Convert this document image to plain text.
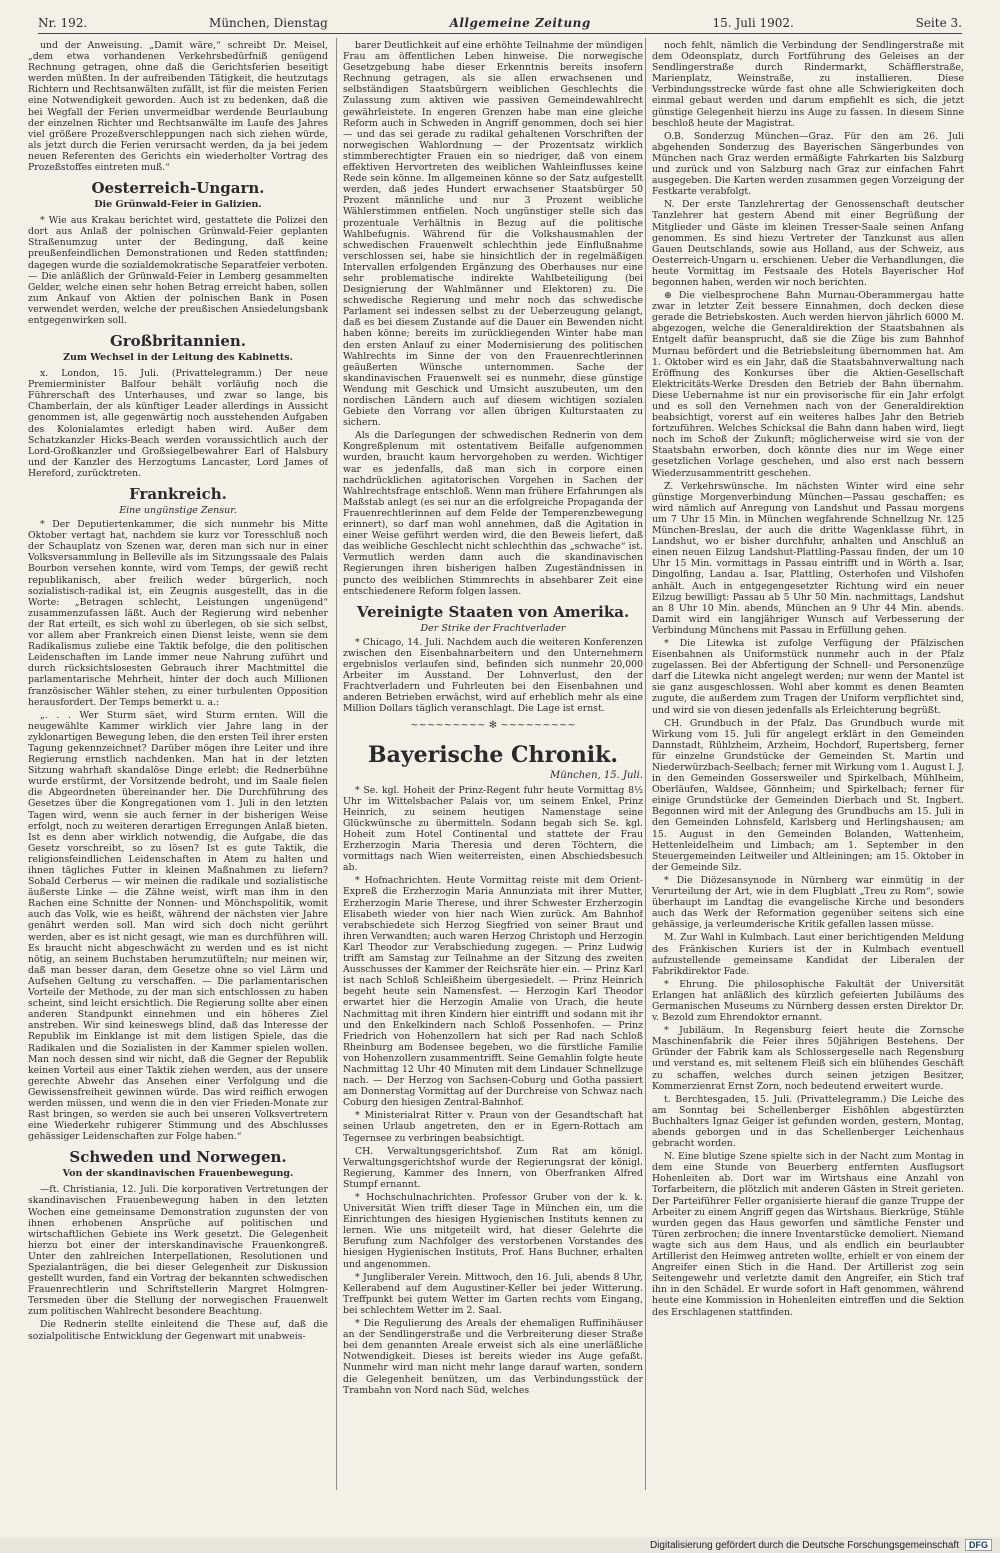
Nr. 192.	München, Dienstag	Allgemeine Zeitung	15. Juli 1902.	Seite 3.

und der Anweisung. „Damit wäre,“ schreibt Dr. Meisel, „dem etwa vorhandenen Verkehrsbedürfniß genügend Rechnung getragen, ohne daß die Gerichtsferien beseitigt werden müßten. In der aufreibenden Tätigkeit, die heutzutags Richtern und Rechtsanwälten zufällt, ist für die meisten Ferien eine Notwendigkeit geworden. Auch ist zu bedenken, daß die bei Wegfall der Ferien unvermeidbar werdende Beurlaubung der einzelnen Richter und Rechtsanwälte im Laufe des Jahres viel größere Prozeßverschleppungen nach sich ziehen würde, als jetzt durch die Ferien verursacht werden, da ja bei jedem neuen Referenten des Gerichts ein wiederholter Vortrag des Prozeßstoffes eintreten muß.“

Oesterreich-Ungarn.
Die Grünwald-Feier in Galizien.

* Wie aus Krakau berichtet wird, gestattete die Polizei den dort aus Anlaß der polnischen Grünwald-Feier geplanten Straßenumzug unter der Bedingung, daß keine preußenfeindlichen Demonstrationen und Reden stattfinden; dagegen wurde die sozialdemokratische Separatfeier verboten. — Die anläßlich der Grünwald-Feier in Lemberg gesammelten Gelder, welche einen sehr hohen Betrag erreicht haben, sollen zum Ankauf von Aktien der polnischen Bank in Posen verwendet werden, welche der preußischen Ansiedelungsbank entgegenwirken soll.

Großbritannien.
Zum Wechsel in der Leitung des Kabinetts.

x. London, 15. Juli. (Privattelegramm.) Der neue Premierminister Balfour behält vorläufig noch die Führerschaft des Unterhauses, und zwar so lange, bis Chamberlain, der als künftiger Leader allerdings in Aussicht genommen ist, alle gegenwärtig noch ausstehenden Aufgaben des Kolonialamtes erledigt haben wird. Außer dem Schatzkanzler Hicks-Beach werden voraussichtlich auch der Lord-Großkanzler und Großsiegelbewahrer Earl of Halsbury und der Kanzler des Herzogtums Lancaster, Lord James of Hereford, zurücktreten.

Frankreich.
Eine ungünstige Zensur.

* Der Deputiertenkammer, die sich nunmehr bis Mitte Oktober vertagt hat, nachdem sie kurz vor Toresschluß noch der Schauplatz von Szenen war, deren man sich nur in einer Volksversammlung in Belleville als im Sitzungssaale des Palais Bourbon versehen konnte, wird vom Temps, der gewiß recht republikanisch, aber freilich weder bürgerlich, noch sozialistisch-radikal ist, ein Zeugnis ausgestellt, das in die Worte: „Betragen schlecht, Leistungen ungenügend“ zusammenzufassen läßt. Auch der Regierung wird nebenher der Rat erteilt, es sich wohl zu überlegen, ob sie sich selbst, vor allem aber Frankreich einen Dienst leiste, wenn sie dem Radikalismus zuliebe eine Taktik befolge, die den politischen Leidenschaften im Lande immer neue Nahrung zuführt und durch rücksichtslosesten Gebrauch ihrer Machtmittel die parlamentarische Mehrheit, hinter der doch auch Millionen französischer Wähler stehen, zu einer turbulenten Opposition herausfordert. Der Temps bemerkt u. a.:

„. . . Wer Sturm säet, wird Sturm ernten. Will die neugewählte Kammer wirklich vier Jahre lang in der zyklonartigen Bewegung leben, die den ersten Teil ihrer ersten Tagung gekennzeichnet? Darüber mögen ihre Leiter und ihre Regierung ernstlich nachdenken. Man hat in der letzten Sitzung wahrhaft skandalöse Dinge erlebt: die Rednerbühne wurde erstürmt, der Vorsitzende bedroht, und im Saale fielen die Abgeordneten übereinander her. Die Durchführung des Gesetzes über die Kongregationen vom 1. Juli in den letzten Tagen wird, wenn sie auch ferner in der bisherigen Weise erfolgt, noch zu weiteren derartigen Erregungen Anlaß bieten. Ist es denn aber wirklich notwendig, die Aufgabe, die das Gesetz vorschreibt, so zu lösen? Ist es gute Taktik, die religionsfeindlichen Leidenschaften in Atem zu halten und ihnen tägliches Futter in kleinen Maßnahmen zu liefern? Sobald Cerberus — wir meinen die radikale und sozialistische äußerste Linke — die Zähne weist, wirft man ihm in den Rachen eine Schnitte der Nonnen- und Mönchspolitik, womit auch das Volk, wie es heißt, während der nächsten vier Jahre genährt werden soll. Man wird sich doch nicht gerührt werden, aber es ist nicht gesagt, wie man es durchführen will. Es braucht nicht abgeschwächt zu werden und es ist nicht nötig, an seinem Buchstaben herumzutüfteln; nur meinen wir, daß man besser daran, dem Gesetze ohne so viel Lärm und Aufsehen Geltung zu verschaffen. — Die parlamentarischen Vorteile der Methode, zu der man sich entschlossen zu haben scheint, sind leicht ersichtlich. Die Regierung sollte aber einen anderen Standpunkt einnehmen und ein höheres Ziel anstreben. Wir sind keineswegs blind, daß das Interesse der Republik im Einklange ist mit dem listigen Spiele, das die Radikalen und die Sozialisten in der Kammer spielen wollen. Man noch dessen sind wir nicht, daß die Gegner der Republik keinen Vorteil aus einer Taktik ziehen werden, aus der unsere gerechte Abwehr das Ansehen einer Verfolgung und die Gewissensfreiheit gewinnen würde. Das wird reiflich erwogen werden müssen, und wenn die in den vier Frieden-Monate zur Rast bringen, so werden sie auch bei unseren Volksvertretern eine Wiederkehr ruhigerer Stimmung und des Abschlusses gehässiger Leidenschaften zur Folge haben.“

Schweden und Norwegen.
Von der skandinavischen Frauenbewegung.

—ft. Christiania, 12. Juli. Die korporativen Vertretungen der skandinavischen Frauenbewegung haben in den letzten Wochen eine gemeinsame Demonstration zugunsten der von ihnen erhobenen Ansprüche auf politischen und wirtschaftlichen Gebiete ins Werk gesetzt. Die Gelegenheit hierzu bot einer der interskandinavische Frauenkongreß. Unter den zahlreichen Interpellationen, Resolutionen und Spezialanträgen, die bei dieser Gelegenheit zur Diskussion gestellt wurden, fand ein Vortrag der bekannten schwedischen Frauenrechtlerin und Schriftstellerin Margret Holmgren-Tersmeden über die Stellung der norwegischen Frauenwelt zum politischen Wahlrecht besondere Beachtung.

Die Rednerin stellte einleitend die These auf, daß die sozialpolitische Entwicklung der Gegenwart mit unabweis-

barer Deutlichkeit auf eine erhöhte Teilnahme der mündigen Frau am öffentlichen Leben hinweise. Die norwegische Gesetzgebung habe dieser Erkenntnis bereits insofern Rechnung getragen, als sie allen erwachsenen und selbständigen Staatsbürgern weiblichen Geschlechts die Zulassung zum aktiven wie passiven Gemeindewahlrecht gewährleistete. In engeren Grenzen habe man eine gleiche Reform auch in Schweden in Angriff genommen, doch sei hier — und das sei gerade zu radikal gehaltenen Vorschriften der norwegischen Wahlordnung — der Prozentsatz wirklich stimmberechtigter Frauen ein so niedriger, daß von einem effektiven Hervortreten des weiblichen Wahleinflusses keine Rede sein könne. Im allgemeinen könne so der Satz aufgestellt werden, daß jedes Hundert erwachsener Staatsbürger 50 Prozent männliche und nur 3 Prozent weibliche Wählerstimmen entfielen. Noch ungünstiger stelle sich das prozentuale Verhältnis in Bezug auf die politische Wahlbefugnis. Während für die Volkshausmahlen der schwedischen Frauenwelt schlechthin jede Einflußnahme verschlossen sei, habe sie hinsichtlich der in regelmäßigen Intervallen erfolgenden Ergänzung des Oberhauses nur eine sehr problematische indirekte Wahlbeteiligung (bei Designierung der Wahlmänner und Elektoren) zu. Die schwedische Regierung und mehr noch das schwedische Parlament sei indessen selbst zu der Ueberzeugung gelangt, daß es bei diesem Zustande auf die Dauer ein Bewenden nicht haben könne; bereits im zurückliegenden Winter habe man den ersten Anlauf zu einer Modernisierung des politischen Wahlrechts im Sinne der von den Frauenrechtlerinnen geäußerten Wünsche unternommen. Sache der skandinavischen Frauenwelt sei es nunmehr, diese günstige Wendung mit Geschick und Umsicht auszubeuten, um den nordischen Ländern auch auf diesem wichtigen sozialen Gebiete den Vorrang vor allen übrigen Kulturstaaten zu sichern.

Als die Darlegungen der schwedischen Rednerin von dem Kongreßplenum mit ostentativem Beifalle aufgenommen wurden, braucht kaum hervorgehoben zu werden. Wichtiger war es jedenfalls, daß man sich in corpore einen nachdrücklichen agitatorischen Vorgehen in Sachen der Wahlrechtsfrage entschloß. Wenn man frühere Erfahrungen als Maßstab anlegt (es sei nur an die erfolgreiche Propaganda der Frauenrechtlerinnen auf dem Felde der Temperenzbewegung erinnert), so darf man wohl annehmen, daß die Agitation in einer Weise geführt werden wird, die den Beweis liefert, daß das weibliche Geschlecht nicht schlechthin das „schwache“ ist. Vermutlich werden dann auch die skandinavischen Regierungen ihren bisherigen halben Zugeständnissen in puncto des weiblichen Stimmrechts in absehbarer Zeit eine entschiedenere Reform folgen lassen.

Vereinigte Staaten von Amerika.
Der Strike der Frachtverlader

* Chicago, 14. Juli. Nachdem auch die weiteren Konferenzen zwischen den Eisenbahnarbeitern und den Unternehmern ergebnislos verlaufen sind, befinden sich nunmehr 20,000 Arbeiter im Ausstand. Der Lohnverlust, den der Frachtverladern und Fuhrleuten bei den Eisenbahnen und anderen Betrieben erwächst, wird auf erheblich mehr als eine Million Dollars täglich veranschlagt. Die Lage ist ernst.

~~~~~~~~~ ✻ ~~~~~~~~~
Bayerische Chronik.
München, 15. Juli.

* Se. kgl. Hoheit der Prinz-Regent fuhr heute Vormittag 8½ Uhr im Wittelsbacher Palais vor, um seinem Enkel, Prinz Heinrich, zu seinem heutigen Namenstage seine Glückwünsche zu übermitteln. Sodann begab sich Se. kgl. Hoheit zum Hotel Continental und stattete der Frau Erzherzogin Maria Theresia und deren Töchtern, die vormittags nach Wien weiterreisten, einen Abschiedsbesuch ab.

* Hofnachrichten. Heute Vormittag reiste mit dem Orient-Expreß die Erzherzogin Maria Annunziata mit ihrer Mutter, Erzherzogin Marie Therese, und ihrer Schwester Erzherzogin Elisabeth wieder von hier nach Wien zurück. Am Bahnhof verabschiedete sich Herzog Siegfried von seiner Braut und ihren Verwandten; auch waren Herzog Christoph und Herzogin Karl Theodor zur Verabschiedung zugegen. — Prinz Ludwig trifft am Samstag zur Teilnahme an der Sitzung des zweiten Ausschusses der Kammer der Reichsräte hier ein. — Prinz Karl ist nach Schloß Schleißheim übergesiedelt. — Prinz Heinrich begeht heute sein Namensfest. — Herzogin Karl Theodor erwartet hier die Herzogin Amalie von Urach, die heute Nachmittag mit ihren Kindern hier eintrifft und sodann mit ihr und den Enkelkindern nach Schloß Possenhofen. — Prinz Friedrich von Hohenzollern hat sich per Rad nach Schloß Rheinburg am Bodensee begeben, wo die fürstliche Familie von Hohenzollern zusammentrifft. Seine Gemahlin folgte heute Nachmittag 12 Uhr 40 Minuten mit dem Lindauer Schnellzuge nach. — Der Herzog von Sachsen-Coburg und Gotha passiert am Donnerstag Vormittag auf der Durchreise von Schwaz nach Coburg den hiesigen Zentral-Bahnhof.

* Ministerialrat Ritter v. Praun von der Gesandtschaft hat seinen Urlaub angetreten, den er in Egern-Rottach am Tegernsee zu verbringen beabsichtigt.

CH. Verwaltungsgerichtshof. Zum Rat am königl. Verwaltungsgerichtshof wurde der Regierungsrat der königl. Regierung, Kammer des Innern, von Oberfranken Alfred Stumpf ernannt.

* Hochschulnachrichten. Professor Gruber von der k. k. Universität Wien trifft dieser Tage in München ein, um die Einrichtungen des hiesigen Hygienischen Instituts kennen zu lernen. Wie uns mitgeteilt wird, hat dieser Gelehrte die Berufung zum Nachfolger des verstorbenen Vorstandes des hiesigen Hygienischen Instituts, Prof. Hans Buchner, erhalten und angenommen.

* Jungliberaler Verein. Mittwoch, den 16. Juli, abends 8 Uhr, Kellerabend auf dem Augustiner-Keller bei jeder Witterung. Treffpunkt bei gutem Wetter im Garten rechts vom Eingang, bei schlechtem Wetter im 2. Saal.

* Die Regulierung des Areals der ehemaligen Ruffinihäuser an der Sendlingerstraße und die Verbreiterung dieser Straße bei dem genannten Areale erweist sich als eine unerläßliche Notwendigkeit. Dieses ist bereits wieder ins Auge gefaßt. Nunmehr wird man nicht mehr lange darauf warten, sondern die Gelegenheit benützen, um das Verbindungsstück der Trambahn von Nord nach Süd, welches

noch fehlt, nämlich die Verbindung der Sendlingerstraße mit dem Odeonsplatz, durch Fortführung des Geleises an der Sendlingerstraße durch Rindermarkt, Schäfflerstraße, Marienplatz, Weinstraße, zu installieren. Diese Verbindungsstrecke würde fast ohne alle Schwierigkeiten doch einmal gebaut werden und darum empfiehlt es sich, die jetzt günstige Gelegenheit hierzu ins Auge zu fassen. In diesem Sinne beschloß heute der Magistrat.

O.B. Sonderzug München—Graz. Für den am 26. Juli abgehenden Sonderzug des Bayerischen Sängerbundes von München nach Graz werden ermäßigte Fahrkarten bis Salzburg und zurück und von Salzburg nach Graz zur einfachen Fahrt ausgegeben. Die Karten werden zusammen gegen Vorzeigung der Festkarte verabfolgt.

N. Der erste Tanzlehrertag der Genossenschaft deutscher Tanzlehrer hat gestern Abend mit einer Begrüßung der Mitglieder und Gäste im kleinen Tresser-Saale seinen Anfang genommen. Es sind hiezu Vertreter der Tanzkunst aus allen Gauen Deutschlands, sowie aus Holland, aus der Schweiz, aus Oesterreich-Ungarn u. erschienen. Ueber die Verhandlungen, die heute Vormittag im Festsaale des Hotels Bayerischer Hof begonnen haben, werden wir noch berichten.

⊕ Die vielbesprochene Bahn Murnau-Oberammergau hatte zwar in letzter Zeit bessere Einnahmen, doch decken diese gerade die Betriebskosten. Auch werden hiervon jährlich 6000 M. abgezogen, welche die Generaldirektion der Staatsbahnen als Entgelt dafür beansprucht, daß sie die Züge bis zum Bahnhof Murnau befördert und die Betriebsleitung übernommen hat. Am 1. Oktober wird es ein Jahr, daß die Staatsbahnverwaltung nach Eröffnung des Konkurses über die Aktien-Gesellschaft Elektricitäts-Werke Dresden den Betrieb der Bahn übernahm. Diese Uebernahme ist nur ein provisorische für ein Jahr erfolgt und es soll den Vernehmen nach von der Generaldirektion beabsichtigt, vorerst auf ein weiteres halbes Jahr den Betrieb fortzuführen. Welches Schicksal die Bahn dann haben wird, liegt noch im Schoß der Zukunft; möglicherweise wird sie von der Staatsbahn erworben, doch könnte dies nur im Wege einer gesetzlichen Vorlage geschehen, und also erst nach bessern Wiederzusammentritt geschehen.

Z. Verkehrswünsche. Im nächsten Winter wird eine sehr günstige Morgenverbindung München—Passau geschaffen; es wird nämlich auf Anregung von Landshut und Passau morgens um 7 Uhr 15 Min. in München wegfahrende Schnellzug Nr. 125 München-Breslau, der auch die dritte Wagenklasse führt, in Landshut, wo er bisher durchfuhr, anhalten und Anschluß an einen neuen Eilzug Landshut-Plattling-Passau finden, der um 10 Uhr 15 Min. vormittags in Passau eintrifft und in Wörth a. Isar, Dingolfing, Landau a. Isar, Plattling, Osterhofen und Vilshofen anhält. Auch in entgegengesetzter Richtung wird ein neuer Eilzug bewilligt: Passau ab 5 Uhr 50 Min. nachmittags, Landshut an 8 Uhr 10 Min. abends, München an 9 Uhr 44 Min. abends. Damit wird ein langjähriger Wunsch auf Verbesserung der Verbindung Münchens mit Passau in Erfüllung gehen.

* Die Litewka ist zufolge Verfügung der Pfälzischen Eisenbahnen als Uniformstück nunmehr auch in der Pfalz zugelassen. Bei der Abfertigung der Schnell- und Personenzüge darf die Litewka nicht angelegt werden; nur wenn der Mantel ist sie ganz ausgeschlossen. Wohl aber kommt es denen Beamten zugute, die außerdem zum Tragen der Uniform verpflichtet sind, und wird sie von diesen jedenfalls als Erleichterung begrüßt.

CH. Grundbuch in der Pfalz. Das Grundbuch wurde mit Wirkung vom 15. Juli für angelegt erklärt in den Gemeinden Dannstadt, Rühlzheim, Arzheim, Hochdorf, Rupertsberg, ferner für einzelne Grundstücke der Gemeinden St. Martin und Niederwürzbach-Seelbach; ferner mit Wirkung vom 1. August l. J. in den Gemeinden Gossersweiler und Spirkelbach, Mühlheim, Oberläufen, Waldsee, Gönnheim; und Spirkelbach; ferner für einige Grundstücke der Gemeinden Dierbach und St. Ingbert. Begonnen wird mit der Anlegung des Grundbuchs am 15. Juli in den Gemeinden Lohnsfeld, Karlsberg und Herlingshausen; am 15. August in den Gemeinden Bolanden, Wattenheim, Hettenleidelheim und Limbach; am 1. September in den Steuergemeinden Leitweiler und Altleiningen; am 15. Oktober in der Gemeinde Silz.

* Die Diözesansynode in Nürnberg war einmütig in der Verurteilung der Art, wie in dem Flugblatt „Treu zu Rom“, sowie überhaupt im Landtag die evangelische Kirche und besonders auch das Werk der Reformation gegenüber seitens sich eine gehässige, ja verleumderische Kritik gefallen lassen müsse.

M. Zur Wahl in Kulmbach. Laut einer berichtigenden Meldung des Fränkischen Kuriers ist der in Kulmbach eventuell aufzustellende gemeinsame Kandidat der Liberalen der Fabrikdirektor Fade.

* Ehrung. Die philosophische Fakultät der Universität Erlangen hat anläßlich des kürzlich gefeierten Jubiläums des Germanischen Museums zu Nürnberg dessen ersten Direktor Dr. v. Bezold zum Ehrendoktor ernannt.

* Jubiläum. In Regensburg feiert heute die Zornsche Maschinenfabrik die Feier ihres 50jährigen Bestehens. Der Gründer der Fabrik kam als Schlossergeselle nach Regensburg und verstand es, mit seltenem Fleiß sich ein blühendes Geschäft zu schaffen, welches durch seinen jetzigen Besitzer, Kommerzienrat Ernst Zorn, noch bedeutend erweitert wurde.

t. Berchtesgaden, 15. Juli. (Privattelegramm.) Die Leiche des am Sonntag bei Schellenberger Eishöhlen abgestürzten Buchhalters Ignaz Geiger ist gefunden worden, gestern, Montag, abends geborgen und in das Schellenberger Leichenhaus gebracht worden.

N. Eine blutige Szene spielte sich in der Nacht zum Montag in dem eine Stunde von Beuerberg entfernten Ausflugsort Hohenleiten ab. Dort war im Wirtshaus eine Anzahl von Torfarbeitern, die plötzlich mit anderen Gästen in Streit gerieten. Der Parteiführer Feller organisierte hierauf die ganze Truppe der Arbeiter zu einem Angriff gegen das Wirtshaus. Bierkrüge, Stühle wurden gegen das Haus geworfen und sämtliche Fenster und Türen zerbrochen; die innere Inventarstücke demoliert. Niemand wagte sich aus dem Haus, und als endlich ein beurlaubter Artillerist den Heimweg antreten wollte, erhielt er von einem der Angreifer einen Stich in die Hand. Der Artillerist zog sein Seitengewehr und verletzte damit den Angreifer, ein Stich traf ihn in den Schädel. Er wurde sofort in Haft genommen, während heute eine Kommission in Hohenleiten eintreffen und die Sektion des Erschlagenen stattfinden.

Digitalisierung gefördert durch die Deutsche Forschungsgemeinschaft	DFG
